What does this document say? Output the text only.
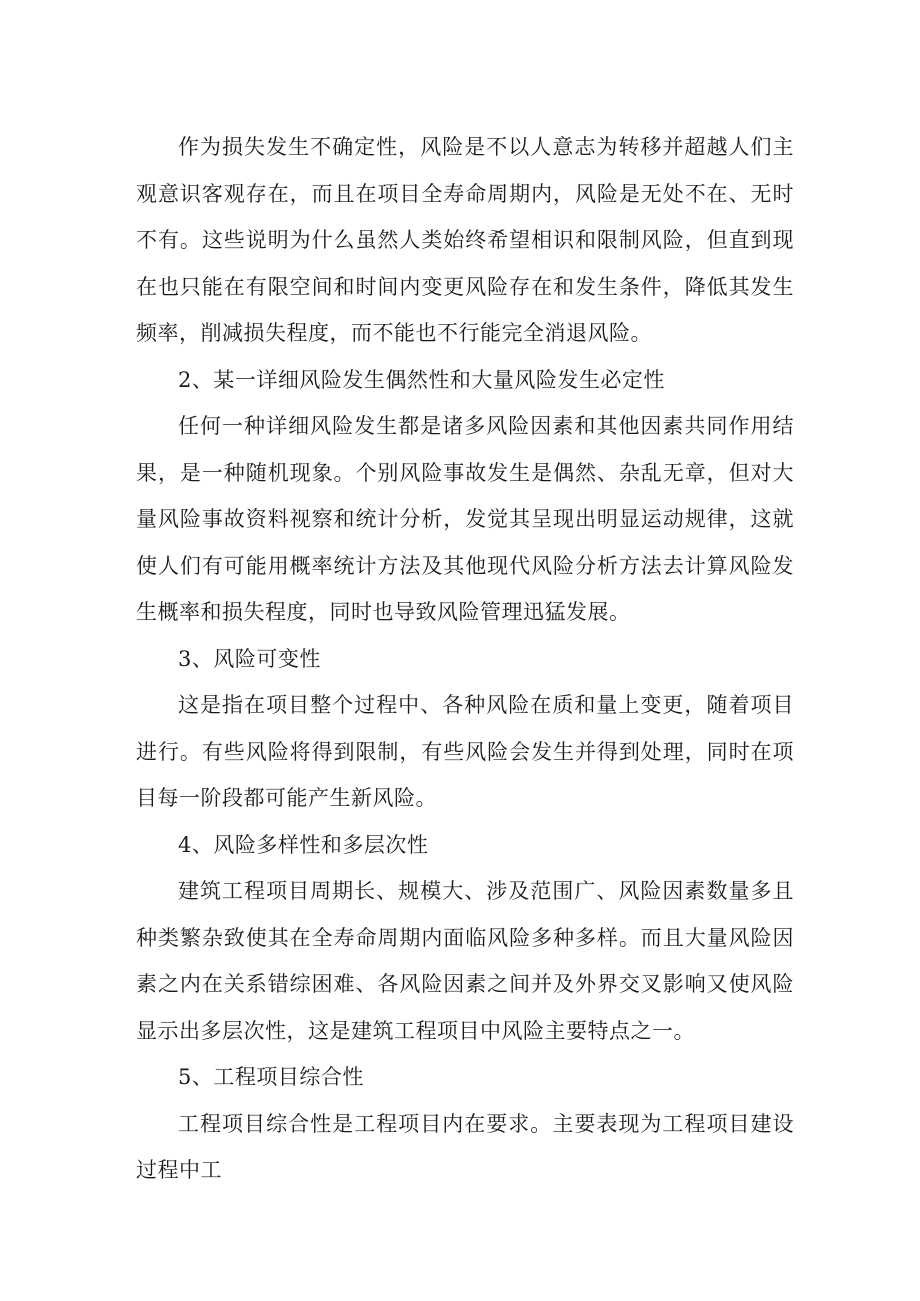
作为损失发生不确定性，风险是不以人意志为转移并超越人们主观意识客观存在，而且在项目全寿命周期内，风险是无处不在、无时不有。这些说明为什么虽然人类始终希望相识和限制风险，但直到现在也只能在有限空间和时间内变更风险存在和发生条件，降低其发生频率，削减损失程度，而不能也不行能完全消退风险。

2、某一详细风险发生偶然性和大量风险发生必定性

任何一种详细风险发生都是诸多风险因素和其他因素共同作用结果，是一种随机现象。个别风险事故发生是偶然、杂乱无章，但对大量风险事故资料视察和统计分析，发觉其呈现出明显运动规律，这就使人们有可能用概率统计方法及其他现代风险分析方法去计算风险发生概率和损失程度，同时也导致风险管理迅猛发展。

3、风险可变性

这是指在项目整个过程中、各种风险在质和量上变更，随着项目进行。有些风险将得到限制，有些风险会发生并得到处理，同时在项目每一阶段都可能产生新风险。

4、风险多样性和多层次性

建筑工程项目周期长、规模大、涉及范围广、风险因素数量多且种类繁杂致使其在全寿命周期内面临风险多种多样。而且大量风险因素之内在关系错综困难、各风险因素之间并及外界交叉影响又使风险显示出多层次性，这是建筑工程项目中风险主要特点之一。

5、工程项目综合性

工程项目综合性是工程项目内在要求。主要表现为工程项目建设过程中工
